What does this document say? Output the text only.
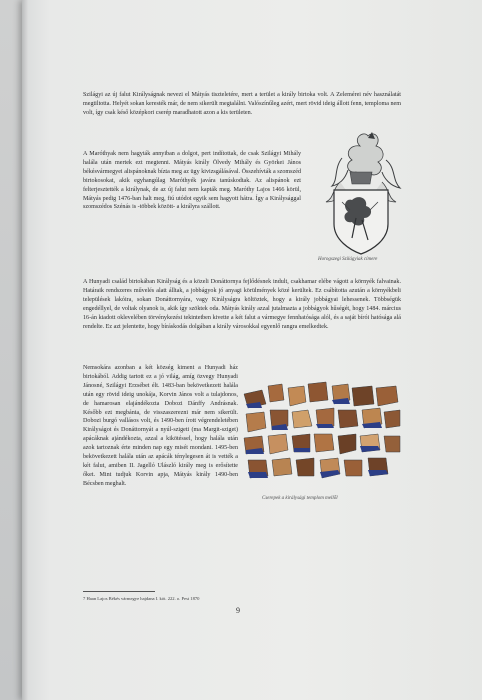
Szilágyi az új falut Királyságnak nevezi el Mátyás tiszteletére, mert a terület a király birtoka volt. A Zelemérei név használatát megtiltotta. Helyét sokan keresték már, de nem sikerült megtalálni. Valószínűleg azért, mert rövid ideig állott fenn, temploma nem volt, így csak késő középkori cserép maradhatott azon a kis területen.
A Maróthyak nem hagyták annyiban a dolgot, pert indítottak, de csak Szilágyi Mihály halála után mertek ezt megtenni. Mátyás király Ölvedy Mihály és Györkei János békésvármegyei alispánoknak bízta meg az ügy kivizsgálásával. Összehívták a szomszéd birtokosokat, akik egyhangúlag Maróthyék javára tanúskodtak. Az alispánok ezt felterjesztették a királynak, de az új falut nem kapták meg. Maróthy Lajos 1466 körül, Mátyás pedig 1476-ban halt meg, fiú utódot egyik sem hagyott hátra. Így a Királysággal szomszédos Szénás is -többek között- a királyra szállott.
Horogszegi Szilágyiak címere
A Hunyadi család birtokában Királyság és a közeli Donáttornya fejlődésnek indult, csakhamar elébe vágott a környék falvainak. Határaik rendszeres művelés alatt álltak, a jobbágyok jó anyagi körülmények közé kerültek. Ez csábította azután a környékbeli települések lakóira, sokan Donáttornyára, vagy Királyságra költöztek, hogy a király jobbágyai lehessenek. Többségük engedéllyel, de voltak olyanok is, akik így szöktek oda. Mátyás király azzal jutalmazta a jobbágyok hűségét, hogy 1484. március 16-án kiadott oklevelében törvénykezési tekintetben kivette a két falut a vármegye fennhatósága alól, és a saját bírói hatósága alá rendelte. Ez azt jelentette, hogy bíráskodás dolgában a király városokkal egyenlő rangra emelkedtek.
Nemsokára azonban a két község kiment a Hunyadi ház birtokából. Addig tartott ez a jó világ, amíg özvegy Hunyadi Jánosné, Szilágyi Erzsébet élt. 1483-ban bekövetkezett halála után egy rövid ideig unokája, Korvin János volt a tulajdonos, de hamarosan elajándékozta Dobozi Dánffy Andrásnak. Később ezt megbánta, de visszaszerezni már nem sikerült. Dobozi burgó vallásos volt, és 1490-ben írott végrendeletében Királyságot és Donáttornyát a nyúl-szigeti (ma Margit-sziget) apácáknak ajándékozta, azzal a kikötéssel, hogy halála után azok tartoznak érte minden nap egy misét mondani. 1495-ben bekövetkezett halála után az apácák ténylegesen át is vették a két falut, amiben II. Jagelló Ulászló király meg is erősítette őket. Mint tudjuk Korvin apja, Mátyás király 1490-ben Bécsben meghalt.
Cserepek a királysági templom mellől
7 Haan Lajos Békés vármegye hajdana I. köt. 222. o. Pest 1870
9
